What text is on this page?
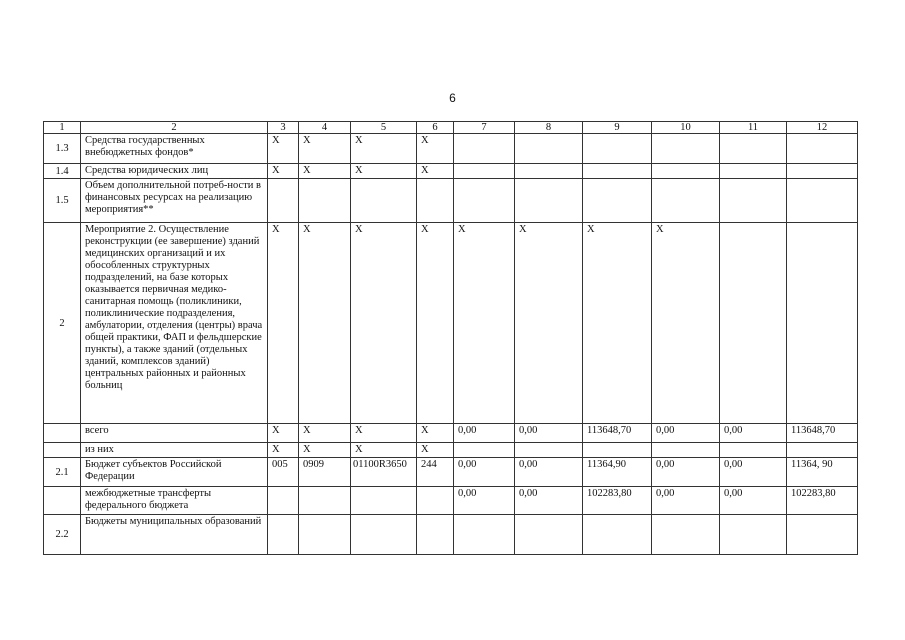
6
1	2	3	4	5	6	7	8	9	10	11	12
1.3	Средства государственных внебюджетных фондов*	Х	Х	Х	Х						
1.4	Средства юридических лиц	Х	Х	Х	Х						
1.5	Объем дополнительной потреб-ности в финансовых ресурсах на реализацию мероприятия**										
2	Мероприятие 2. Осуществление реконструкции (ее завершение) зданий медицинских организаций и их обособленных структурных подразделений, на базе которых оказывается первичная медико-санитарная помощь (поликлиники, поликлинические подразделения, амбулатории, отделения (центры) врача общей практики, ФАП и фельдшерские пункты), а также зданий (отдельных зданий, комплексов зданий) центральных районных и районных больниц	Х	Х	Х	Х	Х	Х	Х	Х		
	всего	Х	Х	Х	Х	0,00	0,00	113648,70	0,00	0,00	113648,70
	из них	Х	Х	Х	Х						
2.1	Бюджет субъектов Российской Федерации	005	0909	01100R3650	244	0,00	0,00	11364,90	0,00	0,00	11364, 90
	межбюджетные трансферты федерального бюджета					0,00	0,00	102283,80	0,00	0,00	102283,80
2.2	Бюджеты муниципальных образований										
